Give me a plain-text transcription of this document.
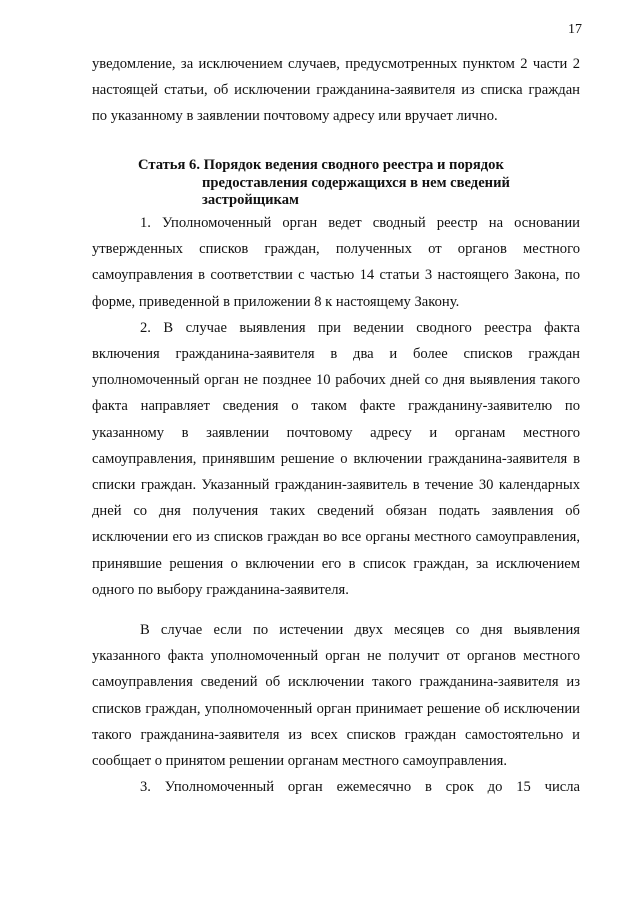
17

уведомление, за исключением случаев, предусмотренных пунктом 2 части 2 настоящей статьи, об исключении гражданина-заявителя из списка граждан по указанному в заявлении почтовому адресу или вручает лично.

Статья 6. Порядок ведения сводного реестра и порядок
предоставления содержащихся в нем сведений
застройщикам

1. Уполномоченный орган ведет сводный реестр на основании утвержденных списков граждан, полученных от органов местного самоуправления в соответствии с частью 14 статьи 3 настоящего Закона, по форме, приведенной в приложении 8 к настоящему Закону.

2. В случае выявления при ведении сводного реестра факта включения гражданина-заявителя в два и более списков граждан уполномоченный орган не позднее 10 рабочих дней со дня выявления такого факта направляет сведения о таком факте гражданину-заявителю по указанному в заявлении почтовому адресу и органам местного самоуправления, принявшим решение о включении гражданина-заявителя в списки граждан. Указанный гражданин-заявитель в течение 30 календарных дней со дня получения таких сведений обязан подать заявления об исключении его из списков граждан во все органы местного самоуправления, принявшие решения о включении его в список граждан, за исключением одного по выбору гражданина-заявителя.

В случае если по истечении двух месяцев со дня выявления указанного факта уполномоченный орган не получит от органов местного самоуправления сведений об исключении такого гражданина-заявителя из списков граждан, уполномоченный орган принимает решение об исключении такого гражданина-заявителя из всех списков граждан самостоятельно и сообщает о принятом решении органам местного самоуправления.

3. Уполномоченный орган ежемесячно в срок до 15 числа
